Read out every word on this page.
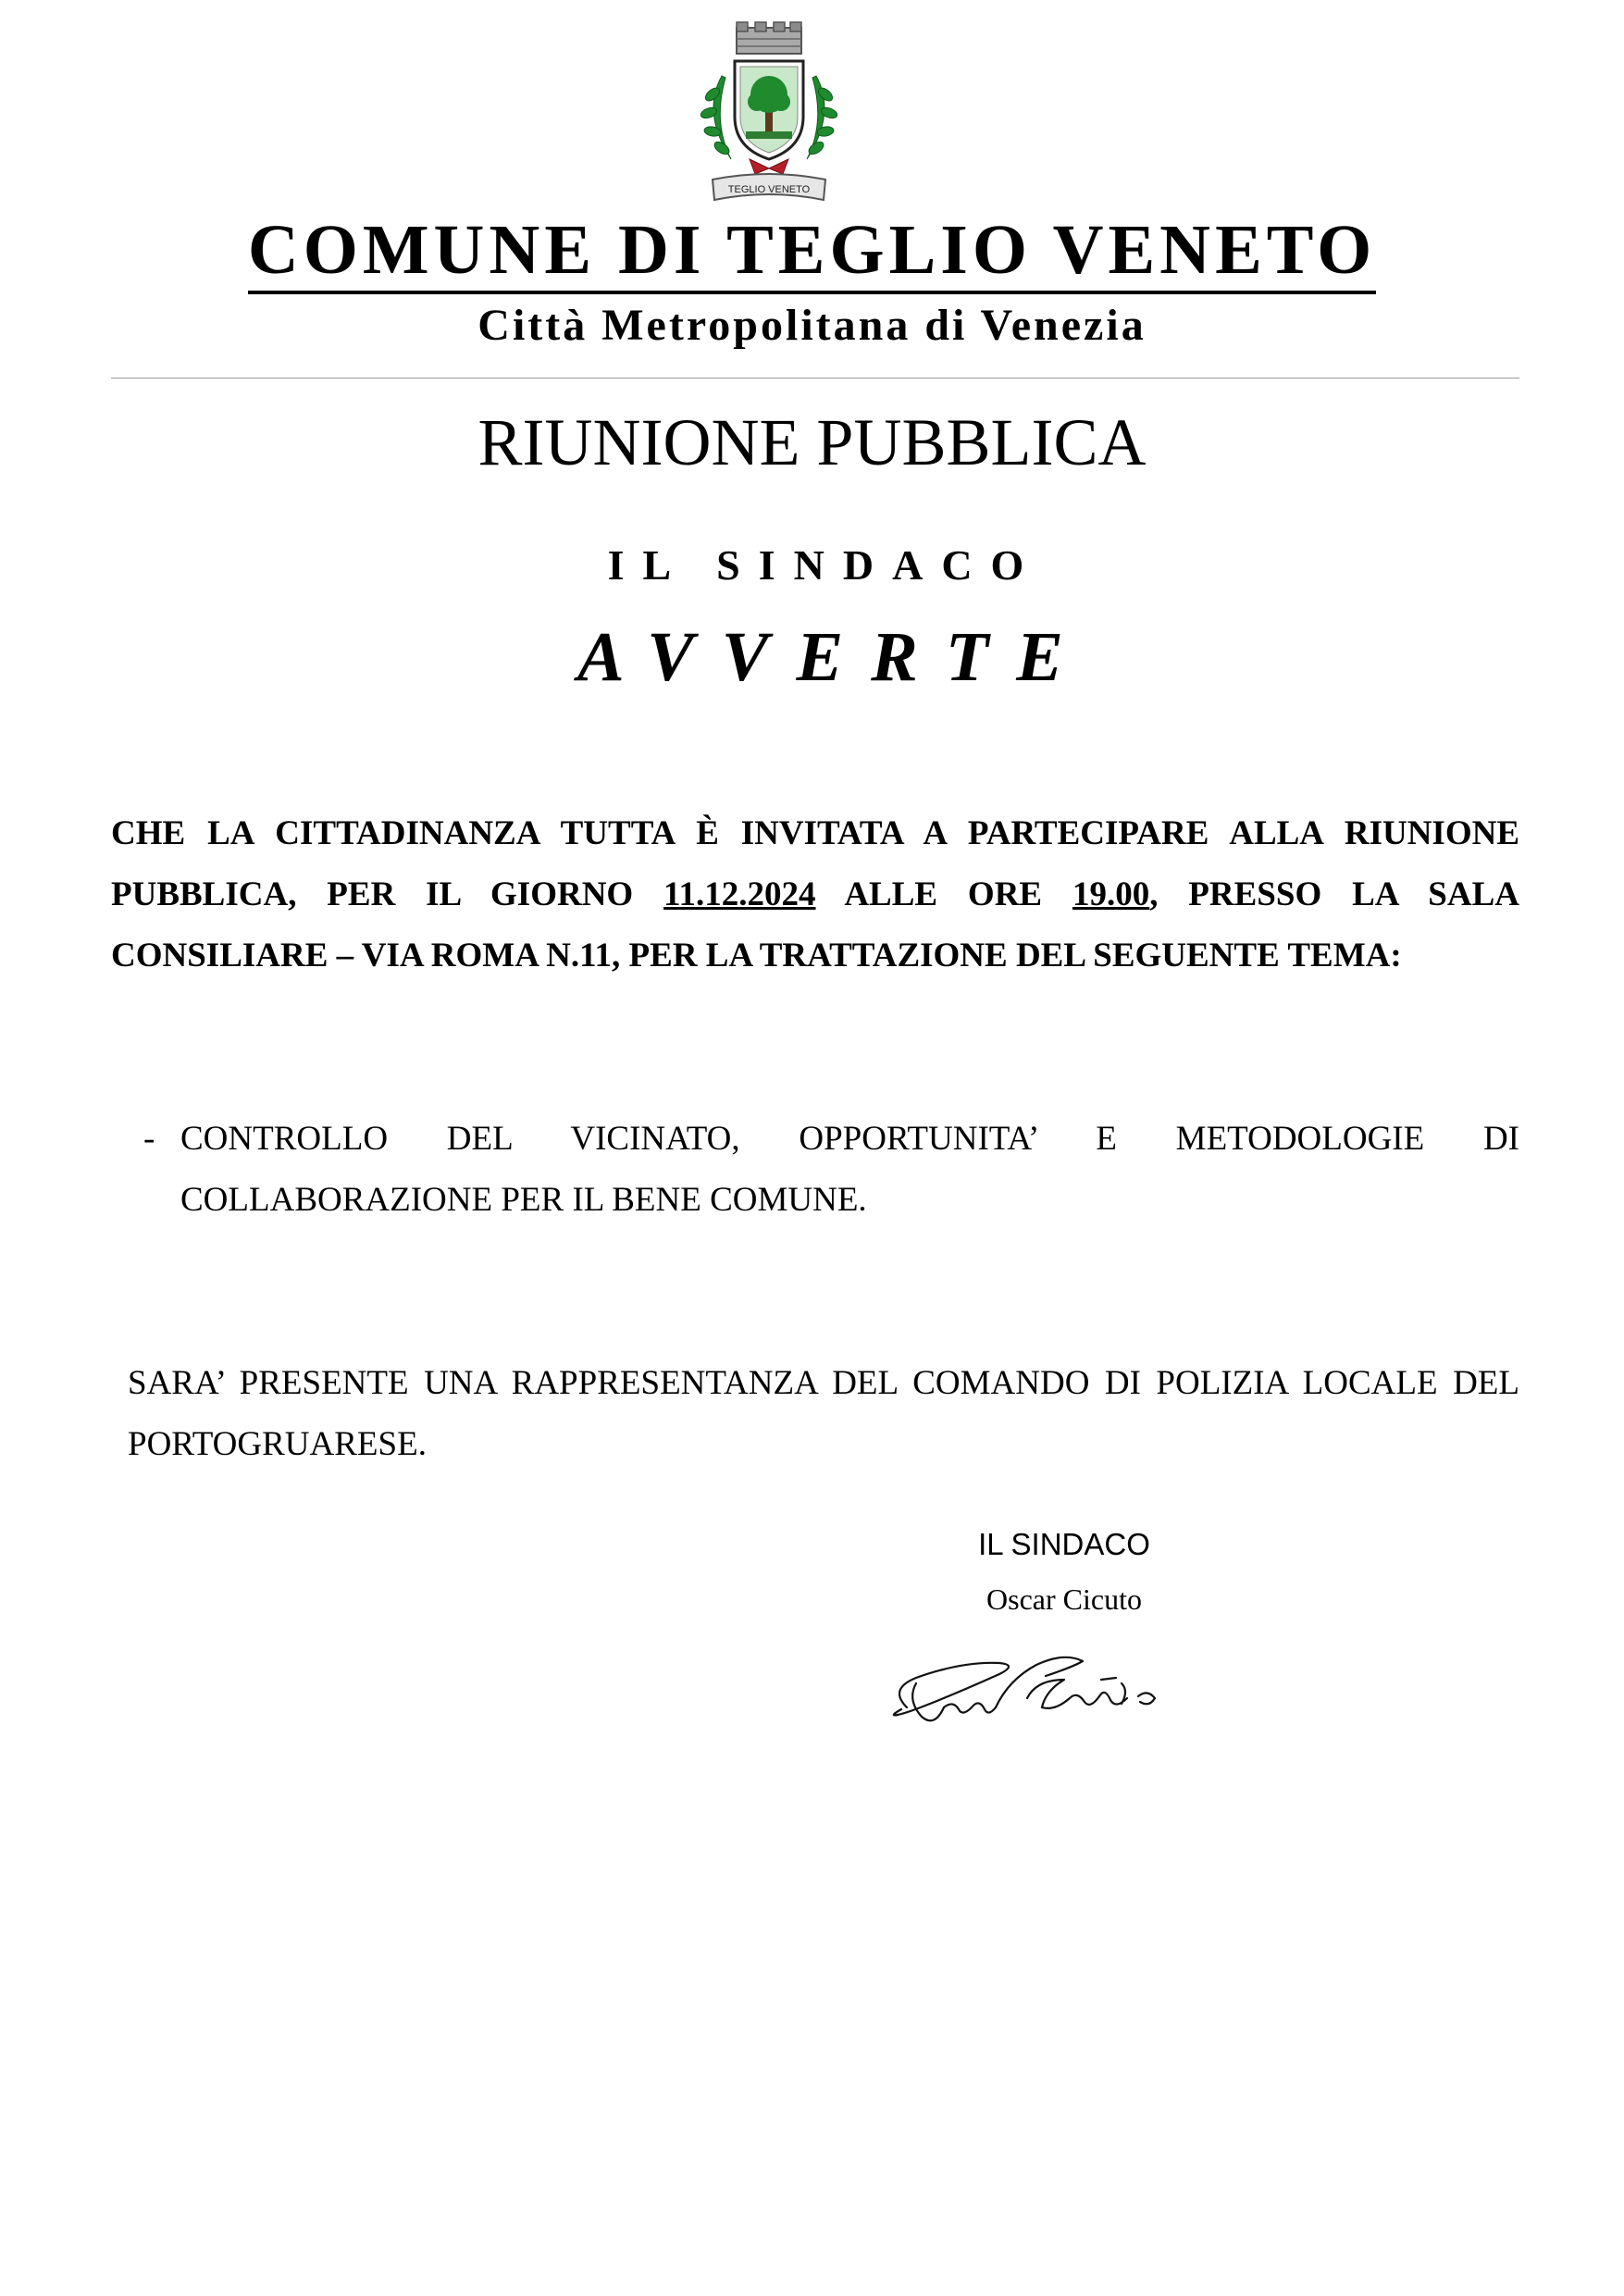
TEGLIO VENETO
COMUNE DI TEGLIO VENETO
Città Metropolitana di Venezia
RIUNIONE PUBBLICA
IL SINDACO
AVVERTE
CHE LA CITTADINANZA TUTTA È INVITATA A PARTECIPARE ALLA RIUNIONE PUBBLICA, PER IL GIORNO 11.12.2024 ALLE ORE 19.00, PRESSO LA SALA CONSILIARE – VIA ROMA N.11, PER LA TRATTAZIONE DEL SEGUENTE TEMA:
- CONTROLLO DEL VICINATO, OPPORTUNITA’ E METODOLOGIE DI
COLLABORAZIONE PER IL BENE COMUNE.
SARA’ PRESENTE UNA RAPPRESENTANZA DEL COMANDO DI POLIZIA LOCALE DEL PORTOGRUARESE.
IL SINDACO
Oscar Cicuto
